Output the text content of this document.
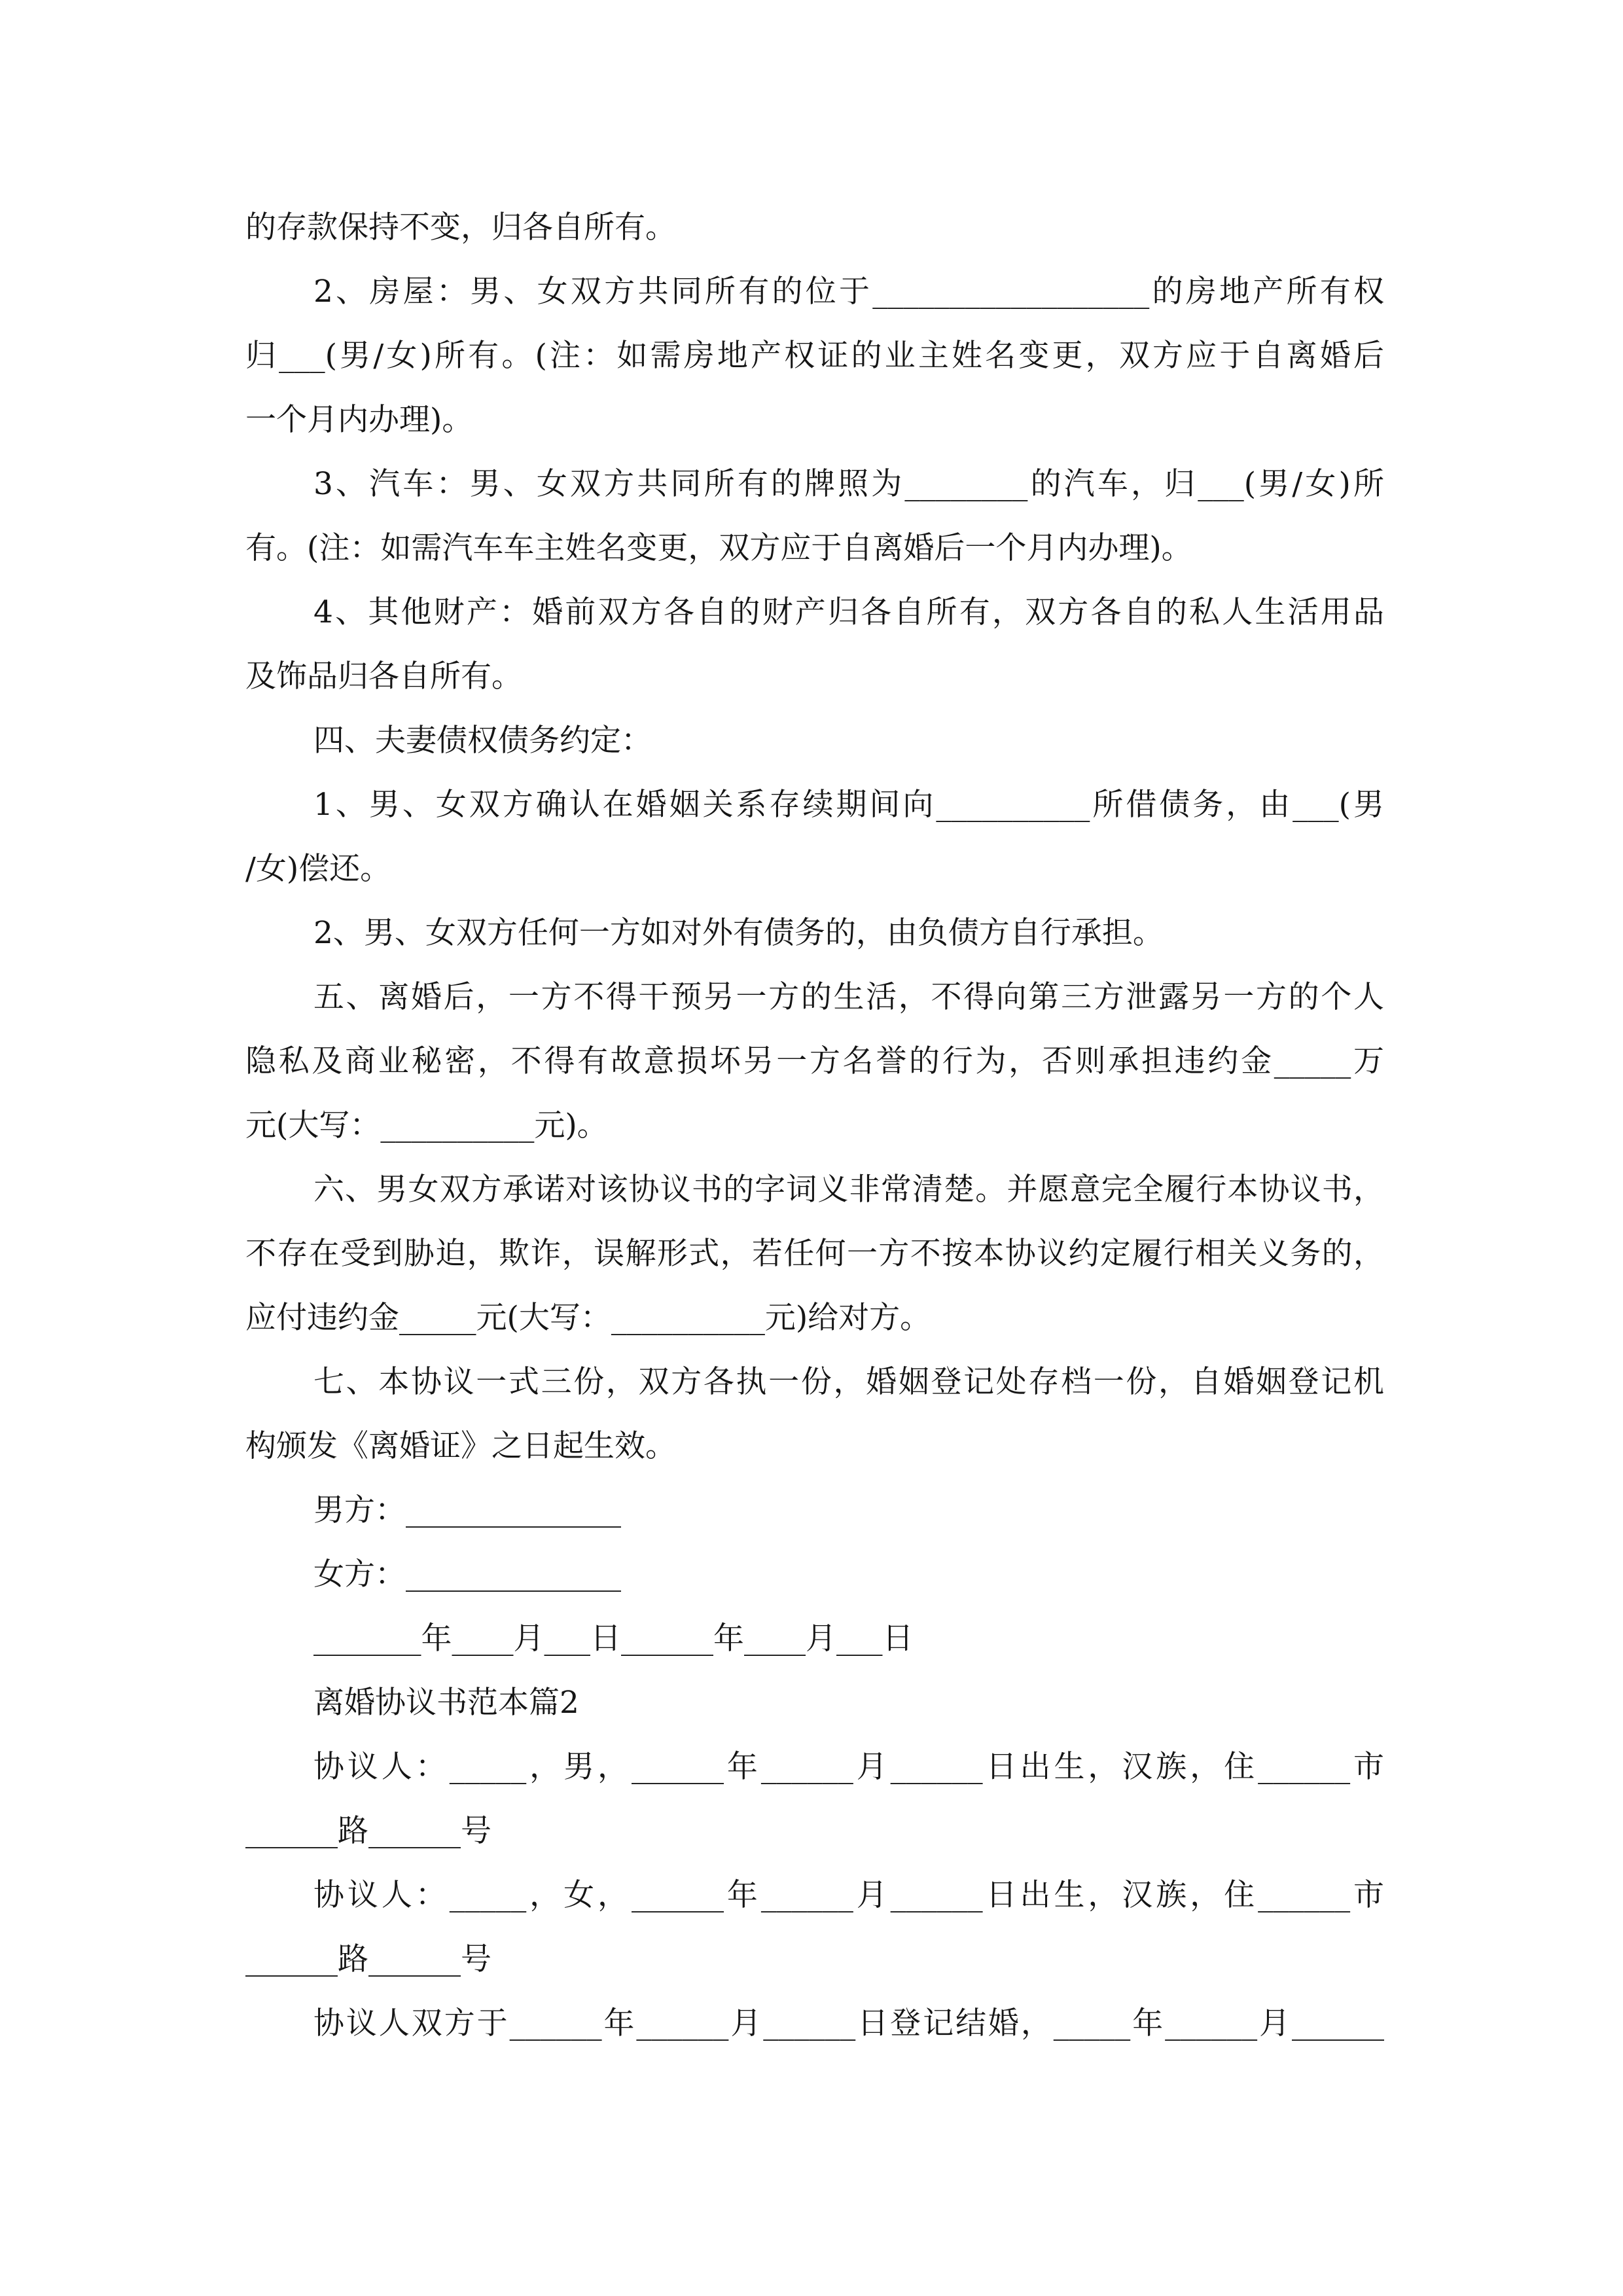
的存款保持不变，归各自所有。
2、房屋：男、女双方共同所有的位于__________________的房地产所有权
归___(男/女)所有。(注：如需房地产权证的业主姓名变更，双方应于自离婚后
一个月内办理)。
3、汽车：男、女双方共同所有的牌照为________的汽车，归___(男/女)所
有。(注：如需汽车车主姓名变更，双方应于自离婚后一个月内办理)。
4、其他财产：婚前双方各自的财产归各自所有，双方各自的私人生活用品
及饰品归各自所有。
四、夫妻债权债务约定：
1、男、女双方确认在婚姻关系存续期间向__________所借债务，由___(男
/女)偿还。
2、男、女双方任何一方如对外有债务的，由负债方自行承担。
五、离婚后，一方不得干预另一方的生活，不得向第三方泄露另一方的个人
隐私及商业秘密，不得有故意损坏另一方名誉的行为，否则承担违约金_____万
元(大写：__________元)。
六、男女双方承诺对该协议书的字词义非常清楚。并愿意完全履行本协议书，
不存在受到胁迫，欺诈，误解形式，若任何一方不按本协议约定履行相关义务的，
应付违约金_____元(大写：__________元)给对方。
七、本协议一式三份，双方各执一份，婚姻登记处存档一份，自婚姻登记机
构颁发《离婚证》之日起生效。
男方：______________
女方：______________
_______年____月___日______年____月___日
离婚协议书范本篇2
协议人：_____，男，______年______月______日出生，汉族，住______市
______路______号
协议人：_____，女，______年______月______日出生，汉族，住______市
______路______号
协议人双方于______年______月______日登记结婚，_____年______月______
